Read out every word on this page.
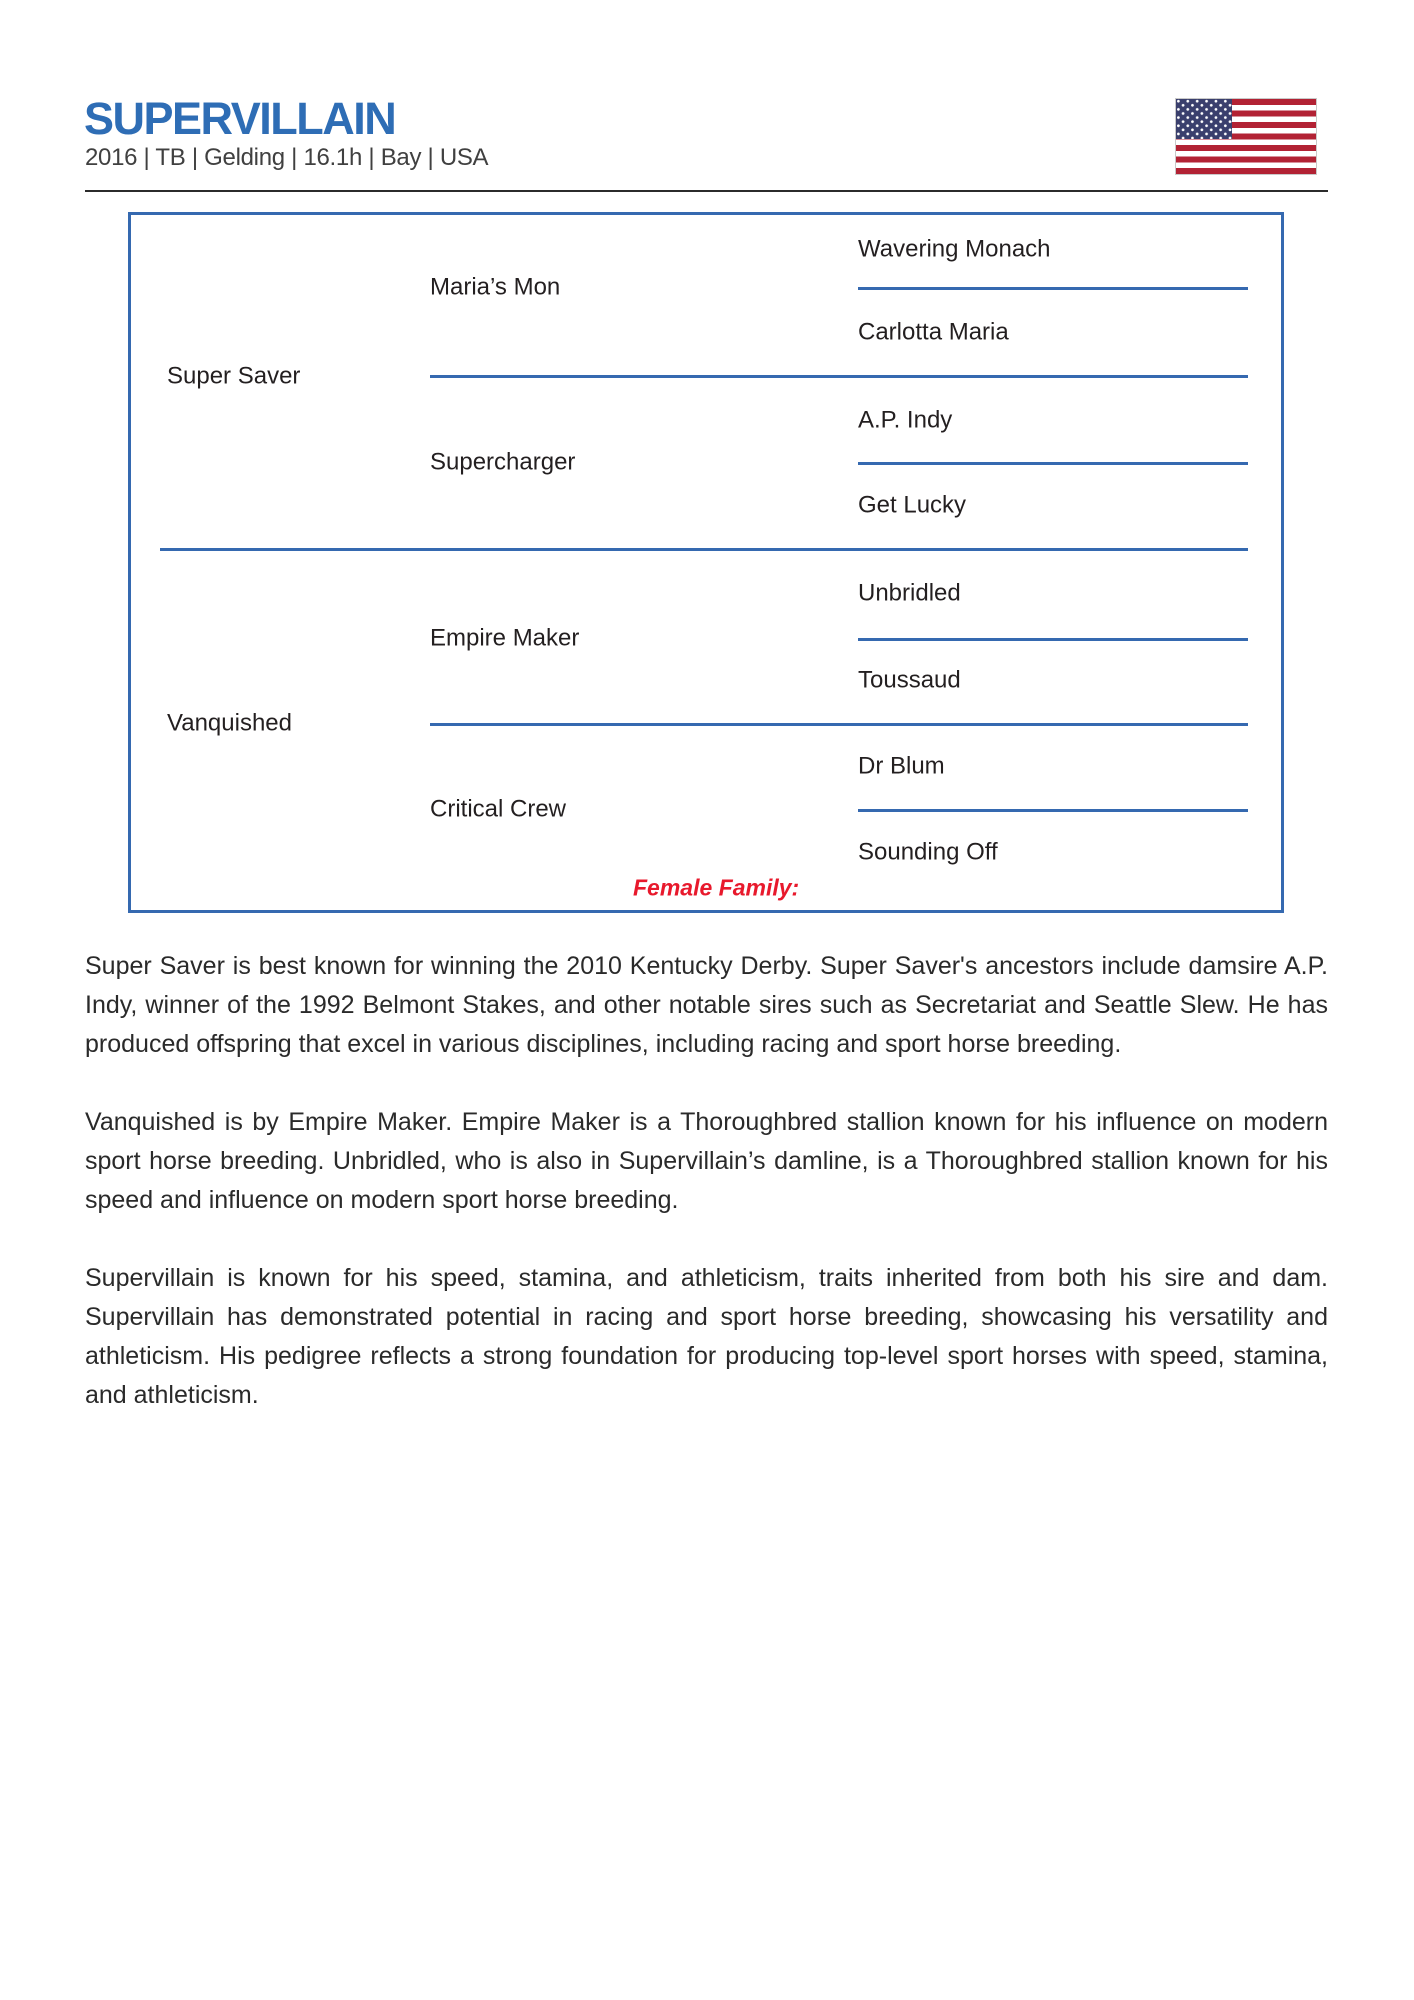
SUPERVILLAIN
2016 | TB | Gelding | 16.1h | Bay | USA
Super Saver
Vanquished
Maria’s Mon
Supercharger
Empire Maker
Critical Crew
Wavering Monach
Carlotta Maria
A.P. Indy
Get Lucky
Unbridled
Toussaud
Dr Blum
Sounding Off
Female Family:

Super Saver is best known for winning the 2010 Kentucky Derby. Super Saver's ancestors include damsire A.P. Indy, winner of the 1992 Belmont Stakes, and other notable sires such as Secretariat and Seattle Slew. He has produced offspring that excel in various disciplines, including racing and sport horse breeding.

Vanquished is by Empire Maker. Empire Maker is a Thoroughbred stallion known for his influence on modern sport horse breeding. Unbridled, who is also in Supervillain’s damline, is a Thoroughbred stallion known for his speed and influence on modern sport horse breeding.

Supervillain is known for his speed, stamina, and athleticism, traits inherited from both his sire and dam. Supervillain has demonstrated potential in racing and sport horse breeding, showcasing his versatility and athleticism. His pedigree reflects a strong foundation for producing top-level sport horses with speed, stamina, and athleticism.
